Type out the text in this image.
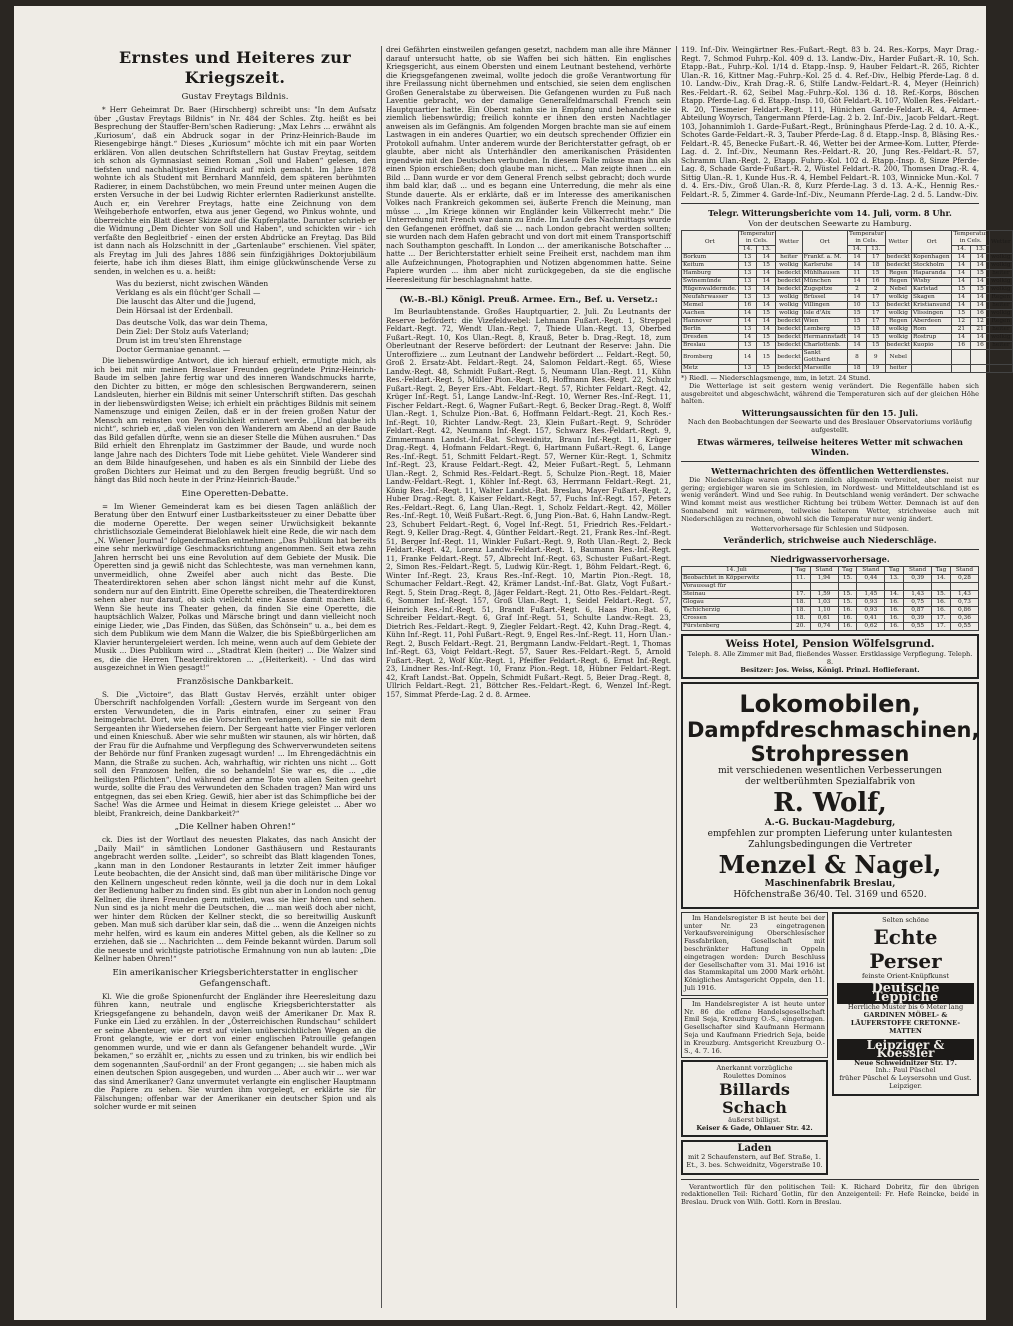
Ernstes und Heiteres zur Kriegszeit.
Gustav Freytags Bildnis.

* Herr Geheimrat Dr. Baer (Hirschberg) schreibt uns: "In dem Aufsatz über „Gustav Freytags Bildnis“ in Nr. 484 der Schles. Ztg. heißt es bei Besprechung der Stauffer-Bern'schen Radierung: „Max Lehrs ... erwähnt als ‚Kuriosum‘, daß ein Abdruck sogar in der Prinz-Heinrich-Baude im Riesengebirge hängt.“ Dieses „Kuriosum“ möchte ich mit ein paar Worten erklären. Von allen deutschen Schriftstellern hat Gustav Freytag, seitdem ich schon als Gymnasiast seinen Roman „Soll und Haben“ gelesen, den tiefsten und nachhaltigsten Eindruck auf mich gemacht. Im Jahre 1878 wohnte ich als Student mit Bernhard Mannfeld, dem späteren berühmten Radierer, in einem Dachstübchen, wo mein Freund unter meinen Augen die ersten Versuche in der bei Ludwig Richter erlernten Radierkunst anstellte. Auch er, ein Verehrer Freytags, hatte eine Zeichnung von dem Weihgeberhofe entworfen, etwa aus jener Gegend, wo Pinkus wohnte, und überreichte ein Blatt dieser Skizze auf die Kupferplatte. Darunter schrieb er die Widmung „Dem Dichter von Soll und Haben“, und schickten wir - ich verfaßte den Begleitbrief - einen der ersten Abdrücke an Freytag. Das Bild ist dann nach als Holzschnitt in der „Gartenlaube“ erschienen. Viel später, als Freytag im Juli des Jahres 1886 sein fünfzigjähriges Doktorjubiläum feierte, habe ich ihm dieses Blatt, ihm einige glückwünschende Verse zu senden, in welchen es u. a. heißt:

Was du bezierst, nicht zwischen Wänden
Verklang es als ein flücht'ger Schall —
Die lauscht das Alter und die Jugend,
Dein Hörsaal ist der Erdenball.
Das deutsche Volk, das war dein Thema,
Dein Ziel: Der Stolz aufs Vaterland;
Drum ist im treu'sten Ehrenstage
Doctor Germaniae genannt. —

Die liebenswürdige Antwort, die ich hierauf erhielt, ermutigte mich, als ich bei mit mir meinen Breslauer Freunden gegründete Prinz-Heinrich-Baude im selben Jahre fertig war und des inneren Wandschmucks harrte, den Dichter zu bitten, er möge den schlesischen Bergwanderern, seinen Landsleuten, hierher ein Bildnis mit seiner Unterschrift stiften. Das geschah in der liebenswürdigsten Weise; ich erhielt ein prächtiges Bildnis mit seinem Namenszuge und einigen Zeilen, daß er in der freien großen Natur der Mensch am reinsten von Persönlichkeit erinnert werde. „Und glaube ich nicht“, schrieb er, „daß vielen von den Wanderern am Abend an der Baude das Bild gefallen dürfte, wenn sie an dieser Stelle die Mühen ausruhen.“ Das Bild erhielt den Ehrenplatz im Gastzimmer der Baude, und wurde noch lange Jahre nach des Dichters Tode mit Liebe gehütet. Viele Wanderer sind an dem Bilde hinaufgesehen, und haben es als ein Sinnbild der Liebe des großen Dichters zur Heimat und zu den Bergen freudig begrüßt. Und so hängt das Bild noch heute in der Prinz-Heinrich-Baude."

Eine Operetten-Debatte.

= Im Wiener Gemeinderat kam es bei diesen Tagen anläßlich der Beratung über den Entwurf einer Lustbarkeitssteuer zu einer Debatte über die moderne Operette. Der wegen seiner Urwüchsigkeit bekannte christlichsoziale Gemeinderat Bielohlawek hielt eine Rede, die wir nach dem „N. Wiener Journal“ folgendermaßen entnehmen: „Das Publikum hat bereits eine sehr merkwürdige Geschmacksrichtung angenommen. Seit etwa zehn Jahren herrscht bei uns eine Revolution auf dem Gebiete der Musik. Die Operetten sind ja gewiß nicht das Schlechteste, was man vernehmen kann, unvermeidlich, ohne Zweifel aber auch nicht das Beste. Die Theaterdirektoren sehen aber schon längst nicht mehr auf die Kunst, sondern nur auf den Eintritt. Eine Operette schreiben, die Theaterdirektoren sehen aber nur darauf, ob sich vielleicht eine Kasse damit machen läßt. Wenn Sie heute ins Theater gehen, da finden Sie eine Operette, die hauptsächlich Walzer, Polkas und Märsche bringt und dann vielleicht noch einige Lieder, wie „Das Finden, das Süßen, das Schönsein“ u. a., bei dem es sich dem Publikum wie dem Mann die Walzer, die bis Spießbürgerlichen am Klavier heruntergeleiert werden. Ich meine, wenn auch auf dem Gebiete der Musik ... Dies Publikum wird ... „Stadtrat Klein (heiter) ... Die Walzer sind es, die die Herren Theaterdirektoren ... „(Heiterkeit). - Und das wird ausgezeichnet in Wien gesagt!“

Französische Dankbarkeit.

S. Die „Victoire“, das Blatt Gustav Hervés, erzählt unter obiger Überschrift nachfolgenden Vorfall: „Gestern wurde im Sergeant von den ersten Verwundeten, die in Paris eintrafen, einer zu seiner Frau heimgebracht. Dort, wie es die Vorschriften verlangen, sollte sie mit dem Sergeanten ihr Wiedersehen feiern. Der Sergeant hatte vier Finger verloren und einen Knieschuß. Aber wie sehr mußten wir staunen, als wir hörten, daß der Frau für die Aufnahme und Verpflegung des Schwerverwundeten seitens der Behörde nur fünf Franken zugesagt wurden! ... Im Ehrengedächtnis ein Mann, die Straße zu suchen. Ach, wahrhaftig, wir richten uns nicht ... Gott soll den Franzosen helfen, die so behandeln! Sie war es, die ... „die heiligsten Pflichten“. Und während der arme Tote von allen Seiten geehrt wurde, sollte die Frau des Verwundeten den Schaden tragen? Man wird uns entgegnen, das sei eben Krieg. Gewiß, hier aber ist das Schimpfliche bei der Sache! Was die Armee und Heimat in diesem Kriege geleistet ... Aber wo bleibt, Frankreich, deine Dankbarkeit?“

„Die Kellner haben Ohren!“

ck. Dies ist der Wortlaut des neuesten Plakates, das nach Ansicht der „Daily Mail“ in sämtlichen Londoner Gasthäusern und Restaurants angebracht werden sollte. „Leider“, so schreibt das Blatt klagenden Tones, „kann man in den Londoner Restaurants in letzter Zeit immer häufiger Leute beobachten, die der Ansicht sind, daß man über militärische Dinge vor den Kellnern ungescheut reden könnte, weil ja die doch nur in dem Lokal der Bedienung halber zu finden sind. Es gibt nun aber in London noch genug Kellner, die ihren Freunden gern mitteilen, was sie hier hören und sehen. Nun sind es ja nicht mehr die Deutschen, die ... man weiß doch aber nicht, wer hinter dem Rücken der Kellner steckt, die so bereitwillig Auskunft geben. Man muß sich darüber klar sein, daß die ... wenn die Anzeigen nichts mehr helfen, wird es kaum ein anderes Mittel geben, als die Kellner so zu erziehen, daß sie ... Nachrichten ... dem Feinde bekannt würden. Darum soll die neueste und wichtigste patriotische Ermahnung von nun ab lauten: „Die Kellner haben Ohren!“

Ein amerikanischer Kriegsberichterstatter in englischer Gefangenschaft.

Kl. Wie die große Spionenfurcht der Engländer ihre Heeresleitung dazu führen kann, neutrale und englische Kriegsberichterstatter als Kriegsgefangene zu behandeln, davon weiß der Amerikaner Dr. Max R. Funke ein Lied zu erzählen. In der „Österreichischen Rundschau“ schildert er seine Abenteuer, wie er erst auf vielen unübersichtlichen Wegen an die Front gelangte, wie er dort von einer englischen Patrouille gefangen genommen wurde, und wie er dann als Gefangener behandelt wurde. „Wir bekamen,“ so erzählt er, „nichts zu essen und zu trinken, bis wir endlich bei dem sogenannten ‚Sauf-ordnil‘ an der Front gegangen; ... sie haben mich als einen deutschen Spion ausgegeben, und wurden ... Aber auch wir ... wer war das sind Amerikaner? Ganz unvermutet verlangte ein englischer Hauptmann die Papiere zu sehen. Sie wurden ihm vorgelegt, er erklärte sie für Fälschungen; offenbar war der Amerikaner ein deutscher Spion und als solcher wurde er mit seinen

drei Gefährten einstweilen gefangen gesetzt, nachdem man alle ihre Männer darauf untersucht hatte, ob sie Waffen bei sich hätten. Ein englisches Kriegsgericht, aus einem Obersten und einem Leutnant bestehend, verhörte die Kriegsgefangenen zweimal, wollte jedoch die große Verantwortung für ihre Freilassung nicht übernehmen und entschied, sie seien dem englischen Großen Generalstabe zu überweisen. Die Gefangenen wurden zu Fuß nach Laventie gebracht, wo der damalige Generalfeldmarschall French sein Hauptquartier hatte. Ein Oberst nahm sie in Empfang und behandelte sie ziemlich liebenswürdig; freilich konnte er ihnen den ersten Nachtlager anweisen als im Gefängnis. Am folgenden Morgen brachte man sie auf einem Lastwagen in ein anderes Quartier, wo ein deutsch sprechender Offizier ein Protokoll aufnahm. Unter anderem wurde der Berichterstatter gefragt, ob er glaubte, aber nicht als Unterhändler den amerikanischen Präsidenten irgendwie mit den Deutschen verbunden. In diesem Falle müsse man ihn als einen Spion erschießen; doch glaube man nicht, ... Man zeigte ihnen ... ein Bild ... Dann wurde er vor dem General French selbst gebracht; doch wurde ihm bald klar, daß ... und es begann eine Unterredung, die mehr als eine Stunde dauerte. Als er erklärte, daß er im Interesse des amerikanischen Volkes nach Frankreich gekommen sei, äußerte French die Meinung, man müsse ... „Im Kriege können wir Engländer kein Völkerrecht mehr.“ Die Unterredung mit French war dann zu Ende. Im Laufe des Nachmittags wurde den Gefangenen eröffnet, daß sie ... nach London gebracht werden sollten; sie wurden nach dem Hafen gebracht und von dort mit einem Transportschiff nach Southampton geschafft. In London ... der amerikanische Botschafter ... hatte ... Der Berichterstatter erhielt seine Freiheit erst, nachdem man ihm alle Aufzeichnungen, Photographien und Notizen abgenommen hatte. Seine Papiere wurden ... ihm aber nicht zurückgegeben, da sie die englische Heeresleitung für beschlagnahmt hatte.

(W.-B.-Bl.) Königl. Preuß. Armee. Ern., Bef. u. Versetz.:

Im Beurlaubtenstande. Großes Hauptquartier, 2. Juli. Zu Leutnants der Reserve befördert: die Vizefeldwebel: Lehmann Fußart.-Regt. 1, Streppel Feldart.-Regt. 72, Wendt Ulan.-Regt. 7, Thiede Ulan.-Regt. 13, Oberbed Fußart.-Regt. 10, Kos Ulan.-Regt. 8, Krauß, Beter b. Drag.-Regt. 18, zum Oberleutnant der Reserve befördert: der Leutnant der Reserve: Jahn. Die Unteroffiziere ... zum Leutnant der Landwehr befördert ... Feldart.-Regt. 50, Groß 2. Ersatz-Abt. Feldart.-Regt. 24, Salomon Feldart.-Regt. 65, Wiese Landw.-Regt. 48, Schmidt Fußart.-Regt. 5, Neumann Ulan.-Regt. 11, Kühn Res.-Feldart.-Regt. 5, Müller Pion.-Regt. 18, Hoffmann Res.-Regt. 22, Schulz Fußart.-Regt. 2, Beyer Ers.-Abt. Feldart.-Regt. 57, Richter Feldart.-Regt. 42, Krüger Inf.-Regt. 51, Lange Landw.-Inf.-Regt. 10, Werner Res.-Inf.-Regt. 11, Fischer Feldart.-Regt. 6, Wagner Fußart.-Regt. 6, Becker Drag.-Regt. 8, Wolff Ulan.-Regt. 1, Schulze Pion.-Bat. 6, Hoffmann Feldart.-Regt. 21, Koch Res.-Inf.-Regt. 10, Richter Landw.-Regt. 23, Klein Fußart.-Regt. 9, Schröder Feldart.-Regt. 42, Neumann Inf.-Regt. 157, Schwarz Res.-Feldart.-Regt. 9, Zimmermann Landst.-Inf.-Bat. Schweidnitz, Braun Inf.-Regt. 11, Krüger Drag.-Regt. 4, Hofmann Feldart.-Regt. 6, Hartmann Fußart.-Regt. 6, Lange Res.-Inf.-Regt. 51, Schmitt Feldart.-Regt. 57, Werner Kür.-Regt. 1, Schmitz Inf.-Regt. 23, Krause Feldart.-Regt. 42, Meier Fußart.-Regt. 5, Lehmann Ulan.-Regt. 2, Schmid Res.-Feldart.-Regt. 5, Schulze Pion.-Regt. 18, Maier Landw.-Feldart.-Regt. 1, Köhler Inf.-Regt. 63, Herrmann Feldart.-Regt. 21, König Res.-Inf.-Regt. 11, Walter Landst.-Bat. Breslau, Mayer Fußart.-Regt. 2, Huber Drag.-Regt. 8, Kaiser Feldart.-Regt. 57, Fuchs Inf.-Regt. 157, Peters Res.-Feldart.-Regt. 6, Lang Ulan.-Regt. 1, Scholz Feldart.-Regt. 42, Möller Res.-Inf.-Regt. 10, Weiß Fußart.-Regt. 6, Jung Pion.-Bat. 6, Hahn Landw.-Regt. 23, Schubert Feldart.-Regt. 6, Vogel Inf.-Regt. 51, Friedrich Res.-Feldart.-Regt. 9, Keller Drag.-Regt. 4, Günther Feldart.-Regt. 21, Frank Res.-Inf.-Regt. 51, Berger Inf.-Regt. 11, Winkler Fußart.-Regt. 9, Roth Ulan.-Regt. 2, Beck Feldart.-Regt. 42, Lorenz Landw.-Feldart.-Regt. 1, Baumann Res.-Inf.-Regt. 11, Franke Feldart.-Regt. 57, Albrecht Inf.-Regt. 63, Schuster Fußart.-Regt. 2, Simon Res.-Feldart.-Regt. 5, Ludwig Kür.-Regt. 1, Böhm Feldart.-Regt. 6, Winter Inf.-Regt. 23, Kraus Res.-Inf.-Regt. 10, Martin Pion.-Regt. 18, Schumacher Feldart.-Regt. 42, Krämer Landst.-Inf.-Bat. Glatz, Vogt Fußart.-Regt. 5, Stein Drag.-Regt. 8, Jäger Feldart.-Regt. 21, Otto Res.-Feldart.-Regt. 6, Sommer Inf.-Regt. 157, Groß Ulan.-Regt. 1, Seidel Feldart.-Regt. 57, Heinrich Res.-Inf.-Regt. 51, Brandt Fußart.-Regt. 6, Haas Pion.-Bat. 6, Schreiber Feldart.-Regt. 6, Graf Inf.-Regt. 51, Schulte Landw.-Regt. 23, Dietrich Res.-Feldart.-Regt. 9, Ziegler Feldart.-Regt. 42, Kuhn Drag.-Regt. 4, Kühn Inf.-Regt. 11, Pohl Fußart.-Regt. 9, Engel Res.-Inf.-Regt. 11, Horn Ulan.-Regt. 2, Busch Feldart.-Regt. 21, Bergmann Landw.-Feldart.-Regt. 1, Thomas Inf.-Regt. 63, Voigt Feldart.-Regt. 57, Sauer Res.-Feldart.-Regt. 5, Arnold Fußart.-Regt. 2, Wolf Kür.-Regt. 1, Pfeiffer Feldart.-Regt. 6, Ernst Inf.-Regt. 23, Lindner Res.-Inf.-Regt. 10, Franz Pion.-Regt. 18, Hübner Feldart.-Regt. 42, Kraft Landst.-Bat. Oppeln, Schmidt Fußart.-Regt. 5, Beier Drag.-Regt. 8, Ullrich Feldart.-Regt. 21, Böttcher Res.-Feldart.-Regt. 6, Wenzel Inf.-Regt. 157, Simmat Pferde-Lag. 2 d. 8. Armee.

119. Inf.-Div. Weingärtner Res.-Fußart.-Regt. 83 b. 24. Res.-Korps, Mayr Drag.-Regt. 7, Schmod Fuhrp.-Kol. 409 d. 13. Landw.-Div., Harder Fußart.-R. 10, Sch. Etapp.-Bat., Fuhrp.-Kol. 1/14 d. Etapp.-Insp. 9, Hauber Feldart.-R. 265, Richter Ulan.-R. 16, Kittner Mag.-Fuhrp.-Kol. 25 d. 4. Ref.-Div., Helbig Pferde-Lag. 8 d. 10. Landw.-Div., Krah Drag.-R. 6, Stilfe Landw.-Feldart.-R. 4, Meyer (Heinrich) Res.-Feldart.-R. 62, Seibel Mag.-Fuhrp.-Kol. 136 d. 18. Ref.-Korps, Böschen Etapp. Pferde-Lag. 6 d. Etapp.-Insp. 10, Göt Feldart.-R. 107, Wollen Res.-Feldart.-R. 20, Tiesmeier Feldart.-Regt. 111, Hünichen Garde-Feldart.-R. 4, Armee-Abteilung Woyrsch, Tangermann Pferde-Lag. 2 b. 2. Inf.-Div., Jacob Feldart.-Regt. 103, Johannimloh 1. Garde-Fußart.-Regt., Brüninghaus Pferde-Lag. 2 d. 10. A.-K., Schotes Garde-Feldart.-R. 3, Tauber Pferde-Lag. 8 d. Etapp.-Insp. 8, Bläsing Res.-Feldart.-R. 45, Benecke Fußart.-R. 46, Wetter bei der Armee-Kom. Lutter, Pferde-Lag. d. 2. Inf.-Div., Neumann Res.-Feldart.-R. 20, Jung Res.-Feldart.-R. 57, Schramm Ulan.-Regt. 2, Etapp. Fuhrp.-Kol. 102 d. Etapp.-Insp. 8, Sinze Pferde-Lag. 8, Schade Garde-Fußart.-R. 2, Wüstel Feldart.-R. 200, Thomsen Drag.-R. 4, Sittig Ulan.-R. 1, Kunde Hus.-R. 4, Hembel Feldart.-R. 103, Winnicke Mun.-Kol. 7 d. 4. Ers.-Div., Groß Ulan.-R. 8, Kurz Pferde-Lag. 3 d. 13. A.-K., Hennig Res.-Feldart.-R. 5, Zimmer 4. Garde-Inf.-Div., Neumann Pferde-Lag. 2 d. 5. Landw.-Div.

Telegr. Witterungsberichte vom 14. Juli, vorm. 8 Uhr.
Von der deutschen Seewarte zu Hamburg.
Ort	Temperatur in Cels.		Wetter	Ort	Temperatur in Cels.		Wetter	Ort	Temperatur in Cels.		Wetter
	14.	13.			14.	13.			14.	13.	
Borkum	13	14	heiter	Frankf. a. M.	14	17	bedeckt	Kopenhagen	14	14	wolkig
Keitum	13	15	wolkig	Karlsruhe	14	18	bedeckt	Stockholm	14	14	wolkig
Hamburg	13	14	bedeckt	Mühlhausen	11	15	Regen	Haparanda	14	15	heiter
Swinemünde	13	14	bedeckt	München	14	16	Regen	Wisby	14	14	wolkig
Rügenwaldermde.	13	14	bedeckt	Zugspitze	2	2	Nebel	Karlstad	15	15	wolkig
Neufahrwasser	13	13	wolkig	Brüssel	14	17	wolkig	Skagen	14	14	Regen
Memel	16	14	wolkig	Villingen	10	13	bedeckt	Kristiansund	14	14	heiter
Aachen	14	15	wolkig	Isle d'Aix	15	17	wolkig	Vlissingen	15	16	wolkig
Hannover	14	14	bedeckt	Wien	15	17	Regen	Aberdeen	12	12	Regen
Berlin	13	14	bedeckt	Lemberg	15	18	wolkig	Rom	21	21	heiter
Dresden	14	15	bedeckt	Hermannstadt	14	15	wolkig	Rostrup	14	14	wolkig
Breslau	13	15	bedeckt	Charlottenb.	14	15	bedeckt	Kuopio	16	16	heiter
Bromberg	14	15	bedeckt	Sankt Gotthard	8	9	Nebel				
Metz	13	15	bedeckt	Marseille	18	19	heiter				
*) Riedl. — Niederschlagsmenge, mm, in letzt. 24 Stund.

Die Wetterlage ist seit gestern wenig verändert. Die Regenfälle haben sich ausgebreitet und abgeschwächt, während die Temperaturen sich auf der gleichen Höhe halten.

Witterungsaussichten für den 15. Juli.
Nach den Beobachtungen der Seewarte und des Breslauer Observatoriums vorläufig aufgestellt.
Etwas wärmeres, teilweise heiteres Wetter mit schwachen Winden.
Wetternachrichten des öffentlichen Wetterdienstes.

Die Niederschläge waren gestern ziemlich allgemein verbreitet, aber meist nur gering; ergiebiger waren sie im Schlesien, im Nordwest- und Mitteldeutschland ist es wenig verändert. Wind und See ruhig. In Deutschland wenig verändert. Der schwache Wind kommt meist aus westlicher Richtung bei trübem Wetter. Demnach ist auf den Sonnabend mit wärmerem, teilweise heiterem Wetter, strichweise auch mit Niederschlägen zu rechnen, obwohl sich die Temperatur nur wenig ändert.

Wettervorhersage für Schlesien und Südposen.
Veränderlich, strichweise auch Niederschläge.
Niedrigwasservorhersage.
14. Juli	Tag	Stand	Tag	Stand	Tag	Stand	Tag	Stand
Beobachtet in Köpperwitz	11.	1,94	15.	0,44	13.	0,39	14.	0,28
Voraussagt für								
Steinau	17.	1,59	15.	1,45	14.	1,43	15.	1,43
Glogau	18.	1,03	15.	0,93	16.	0,75	16.	0,73
Tschicherzig	18.	1,10	16.	0,93	16.	0,87	16.	0,86
Crossen	18.	0,61	16.	0,41	16.	0,39	17.	0,36
Fürstenberg	20.	0,74	16.	0,62	16.	0,55	17.	0,55
Weiss Hotel, Pension Wölfelsgrund.
Teleph. 8. Alle Zimmer mit Bad, fließendes Wasser. Erstklassige Verpflegung. Teleph. 8.
Besitzer: Jos. Weiss, Königl. Prinzl. Hoflieferant.
Lokomobilen,
Dampfdreschmaschinen,
Strohpressen
mit verschiedenen wesentlichen Verbesserungen
der weltberühmten Spezialfabrik von
R. Wolf,
A.-G. Buckau-Magdeburg,
empfehlen zur prompten Lieferung unter kulantesten Zahlungsbedingungen die Vertreter
Menzel & Nagel,
Maschinenfabrik Breslau,
Höfchenstraße 36/40. Tel. 3169 und 6520.

Im Handelsregister B ist heute bei der unter Nr. 23 eingetragenen Verkaufsvereinigung Oberschlesischer Fassfabriken, Gesellschaft mit beschränkter Haftung in Oppeln eingetragen worden: Durch Beschluss der Gesellschafter vom 31. Mai 1916 ist das Stammkapital um 2000 Mark erhöht. Königliches Amtsgericht Oppeln, den 11. Juli 1916.

Im Handelsregister A ist heute unter Nr. 86 die offene Handelsgesellschaft Emil Seja, Kreuzburg O.-S., eingetragen. Gesellschafter sind Kaufmann Hermann Seja und Kaufmann Friedrich Seja, beide in Kreuzburg. Amtsgericht Kreuzburg O.-S., 4. 7. 16.

Anerkannt vorzügliche
Roulettes Dominos
Billards Schach
äußerst billigst.
Keiser & Gade, Ohlauer Str. 42.
Laden
mit 2 Schaufenstern, auf Bef. Straße, 1. Et., 3. bes. Schweidnitz, Vögerstraße 10.
Selten schöne
Echte Perser
feinste Orient-Knüpfkunst
Deutsche Teppiche
Herrliche Muster bis 6 Meter lang
GARDINEN MÖBEL- & LÄUFERSTOFFE CRETONNE-MATTEN
Leipziger & Koessler
Neue Schweidnitzer Str. 17.
Inh.: Paul Püschel
früher Püschel & Leysersohn und Gust. Leipziger.

Verantwortlich für den politischen Teil: K. Richard Dobritz, für den übrigen redaktionellen Teil: Richard Gotlin, für den Anzeigenteil: Fr. Hefe Reincke, beide in Breslau. Druck von Wilh. Gottl. Korn in Breslau.
